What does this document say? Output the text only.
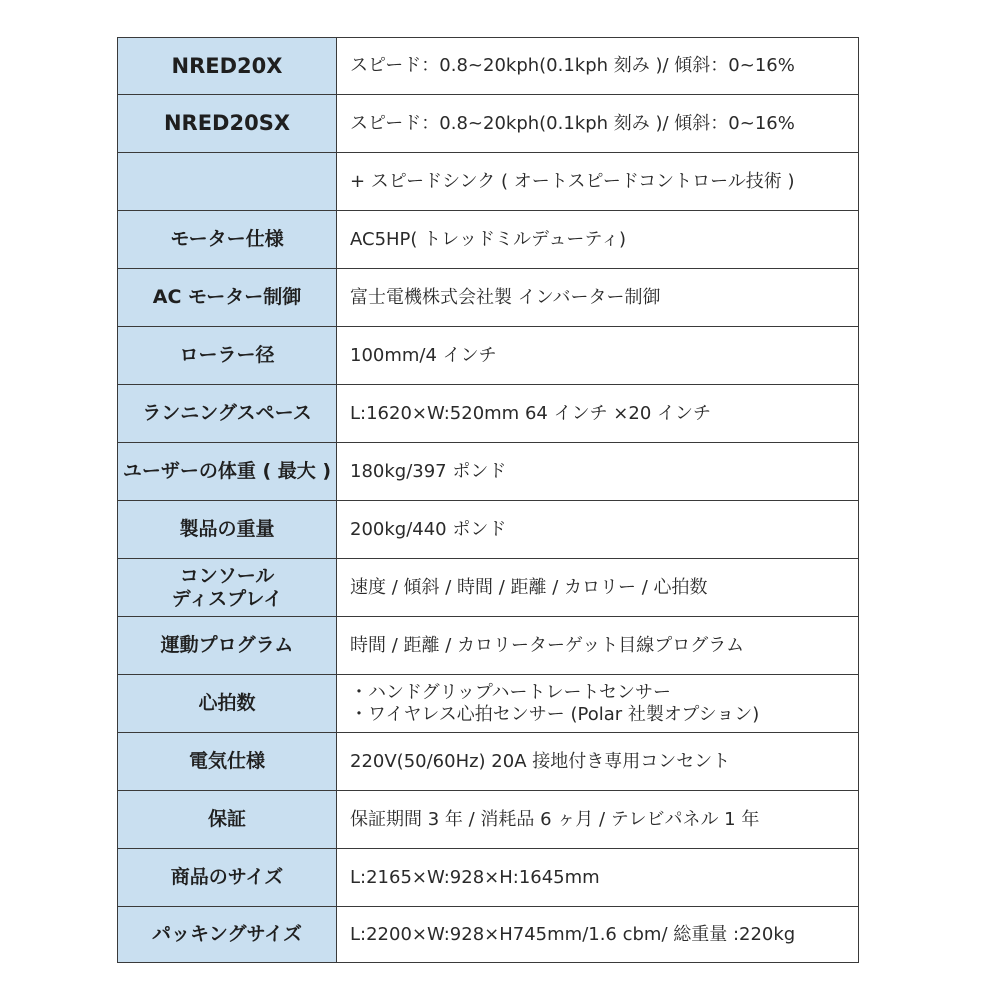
NRED20X	スピード：0.8~20kph(0.1kph 刻み )/ 傾斜：0~16%

NRED20SX	スピード：0.8~20kph(0.1kph 刻み )/ 傾斜：0~16%

	+ スピードシンク ( オートスピードコントロール技術 )

モーター仕様	AC5HP( トレッドミルデューティ)

AC モーター制御	富士電機株式会社製 インバーター制御

ローラー径	100mm/4 インチ

ランニングスペース	L:1620×W:520mm 64 インチ ×20 インチ

ユーザーの体重 ( 最大 )	180kg/397 ポンド

製品の重量	200kg/440 ポンド

コンソール
ディスプレイ	速度 / 傾斜 / 時間 / 距離 / カロリー / 心拍数

運動プログラム	時間 / 距離 / カロリーターゲット目線プログラム

心拍数	・ハンドグリップハートレートセンサー
・ワイヤレス心拍センサー (Polar 社製オプション)

電気仕様	220V(50/60Hz) 20A 接地付き専用コンセント

保証	保証期間 3 年 / 消耗品 6 ヶ月 / テレビパネル 1 年

商品のサイズ	L:2165×W:928×H:1645mm

パッキングサイズ	L:2200×W:928×H745mm/1.6 cbm/ 総重量 :220kg
